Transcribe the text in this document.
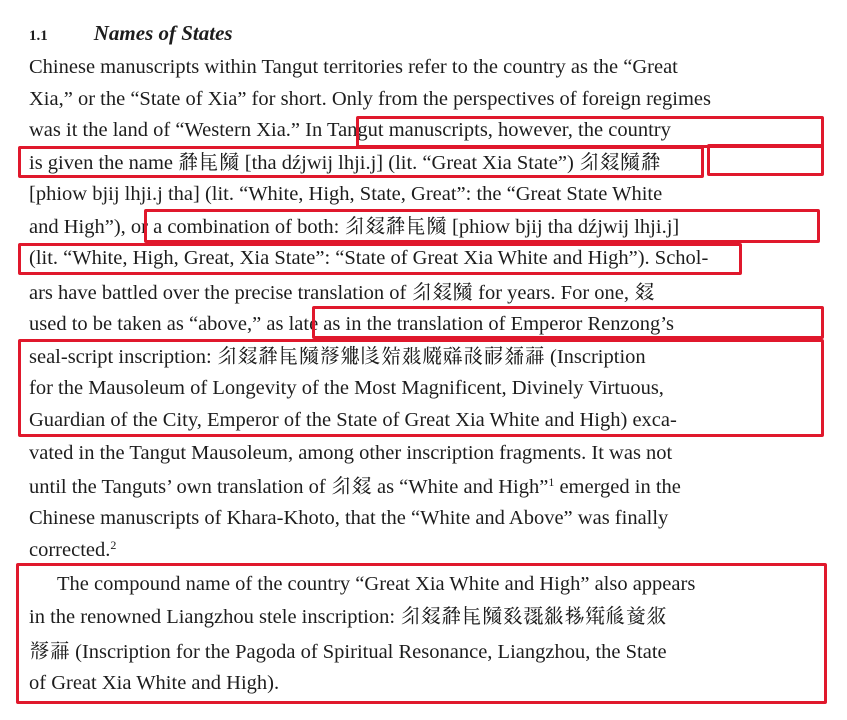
1.1 Names of States
Chinese manuscripts within Tangut territories refer to the country as the “Great
Xia,” or the “State of Xia” for short. Only from the perspectives of foreign regimes
was it the land of “Western Xia.” In Tangut manuscripts, however, the country
is given the name 𗴂𗹭𗂧 [tha dźjwij lhji.j] (lit. “Great Xia State”) 𗼃𗾧𗂧𗴂
[phiow bjij lhji.j tha] (lit. “White, High, State, Great”: the “Great State White
and High”), or a combination of both: 𗼃𗾧𗴂𗹭𗂧 [phiow bjij tha dźjwij lhji.j]
(lit. “White, High, Great, Xia State”: “State of Great Xia White and High”). Schol-
ars have battled over the precise translation of 𗼃𗾧𗂧 for years. For one, 𗾧
used to be taken as “above,” as late as in the translation of Emperor Renzong’s
seal-script inscription: 𗼃𗾧𗴂𗹭𗂧𘃡𗊭𗁅𗼻𘅍𗆧𗠰𗰗𗟲𘀄𗹏 (Inscription
for the Mausoleum of Longevity of the Most Magnificent, Divinely Virtuous,
Guardian of the City, Emperor of the State of Great Xia White and High) exca-
vated in the Tangut Mausoleum, among other inscription fragments. It was not
until the Tanguts’ own translation of 𗼃𗾧 as “White and High”$^1$ emerged in the
Chinese manuscripts of Khara-Khoto, that the “White and Above” was finally
corrected.$^2$
The compound name of the country “Great Xia White and High” also appears
in the renowned Liangzhou stele inscription: 𗼃𗾧𗴂𗹭𗂧𘈫𗖰𘔼𗈪𗋕𗎾𗒹𗼇
𘃡𗹏 (Inscription for the Pagoda of Spiritual Resonance, Liangzhou, the State
of Great Xia White and High).
